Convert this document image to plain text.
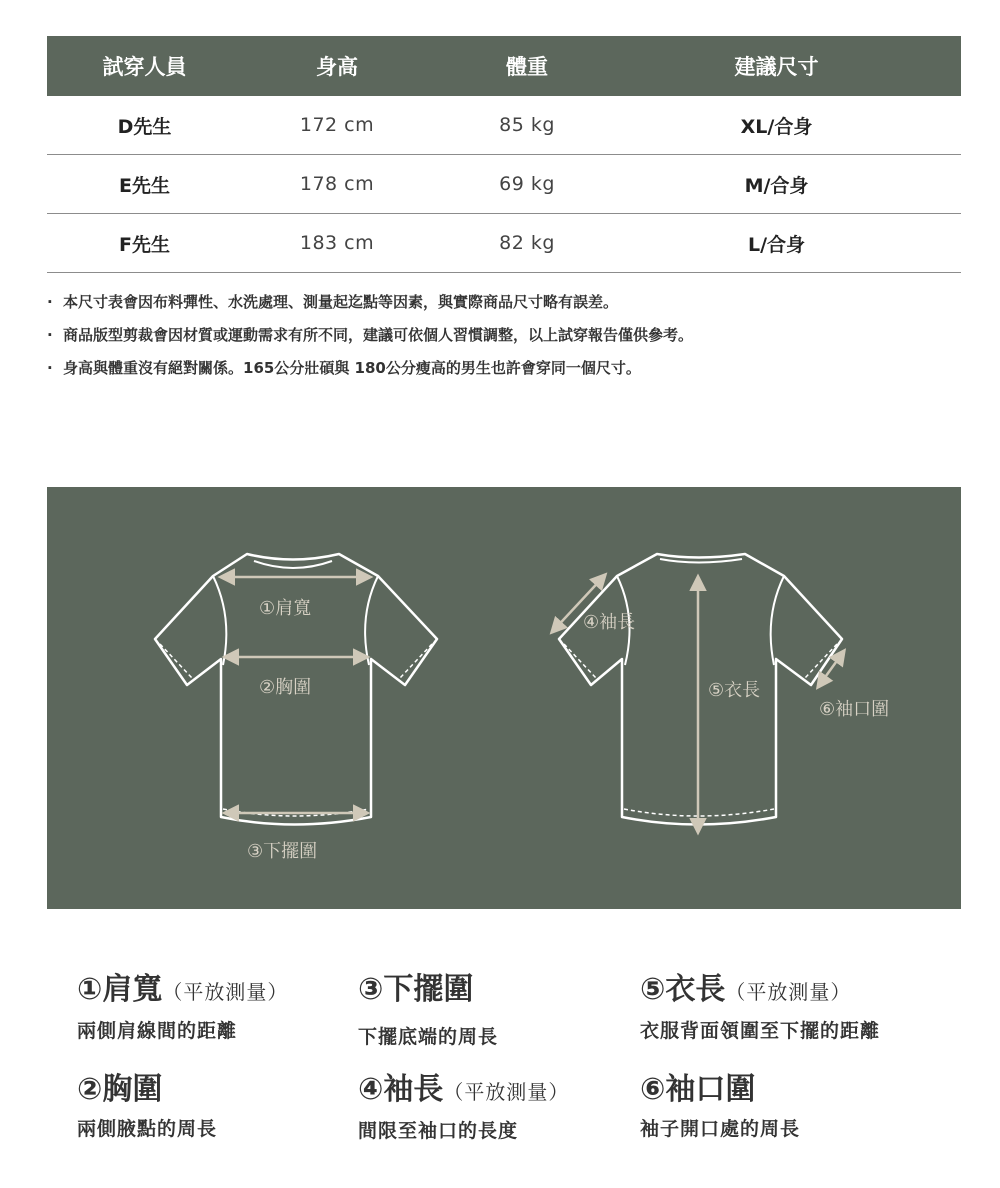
試穿人員	身高	體重	建議尺寸
D先生	172 cm	85 kg	XL/合身
E先生	178 cm	69 kg	M/合身
F先生	183 cm	82 kg	L/合身
· 本尺寸表會因布料彈性、水洗處理、測量起迄點等因素，與實際商品尺寸略有誤差。
· 商品版型剪裁會因材質或運動需求有所不同，建議可依個人習慣調整，以上試穿報告僅供參考。
· 身高與體重沒有絕對關係。165公分壯碩與 180公分瘦高的男生也許會穿同一個尺寸。
①肩寬
②胸圍
③下擺圍
④袖長
⑤衣長
⑥袖口圍
①肩寬（平放測量）
兩側肩線間的距離
②胸圍
兩側腋點的周長
③下擺圍
下擺底端的周長
④袖長（平放測量）
間限至袖口的長度
⑤衣長（平放測量）
衣服背面領圍至下擺的距離
⑥袖口圍
袖子開口處的周長
